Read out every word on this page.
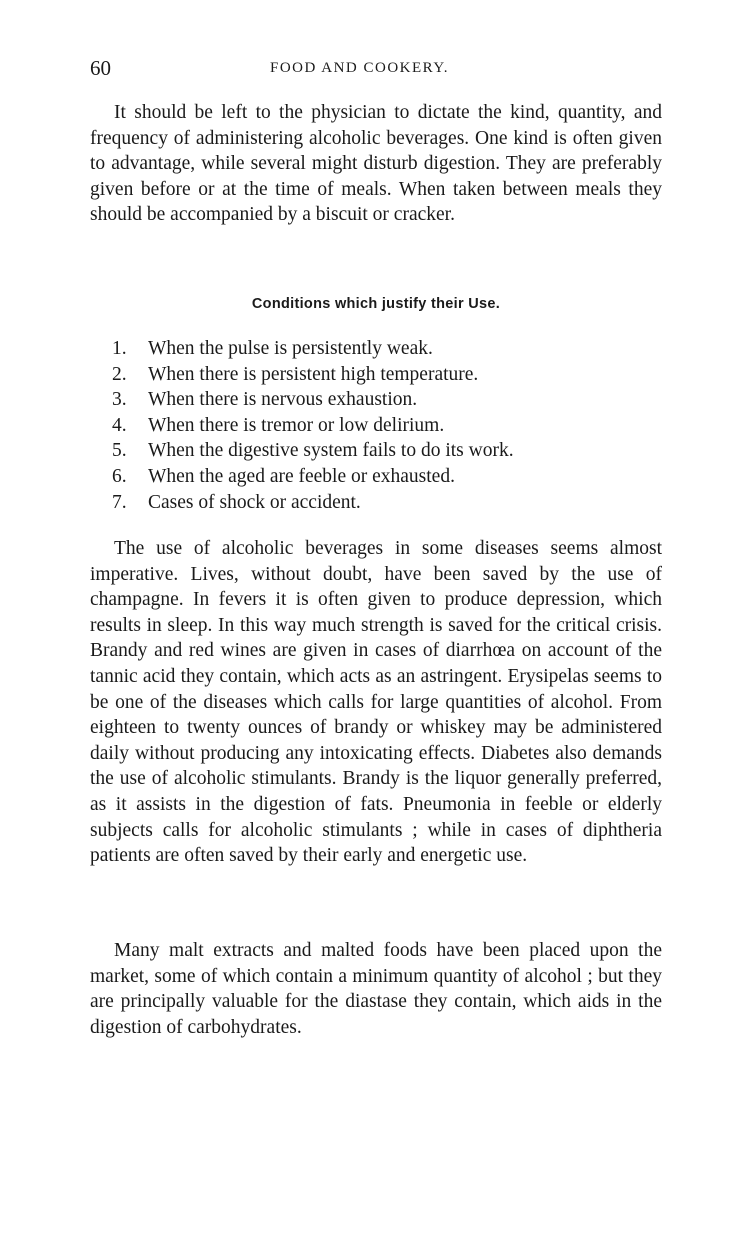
60	FOOD AND COOKERY.

It should be left to the physician to dictate the kind, quantity, and frequency of administering alcoholic beverages. One kind is often given to advantage, while several might disturb digestion. They are preferably given before or at the time of meals. When taken between meals they should be accompanied by a biscuit or cracker.

Conditions which justify their Use.
1.	When the pulse is persistently weak.
2.	When there is persistent high temperature.
3.	When there is nervous exhaustion.
4.	When there is tremor or low delirium.
5.	When the digestive system fails to do its work.
6.	When the aged are feeble or exhausted.
7.	Cases of shock or accident.

The use of alcoholic beverages in some diseases seems almost imperative. Lives, without doubt, have been saved by the use of champagne. In fevers it is often given to produce depression, which results in sleep. In this way much strength is saved for the critical crisis. Brandy and red wines are given in cases of diarrhœa on account of the tannic acid they contain, which acts as an astringent. Erysipelas seems to be one of the diseases which calls for large quantities of alcohol. From eighteen to twenty ounces of brandy or whiskey may be administered daily without producing any intoxicating effects. Diabetes also demands the use of alcoholic stimulants. Brandy is the liquor generally preferred, as it assists in the digestion of fats. Pneumonia in feeble or elderly subjects calls for alcoholic stimulants ; while in cases of diphtheria patients are often saved by their early and energetic use.

Many malt extracts and malted foods have been placed upon the market, some of which contain a minimum quantity of alcohol ; but they are principally valuable for the diastase they contain, which aids in the digestion of carbohydrates.
